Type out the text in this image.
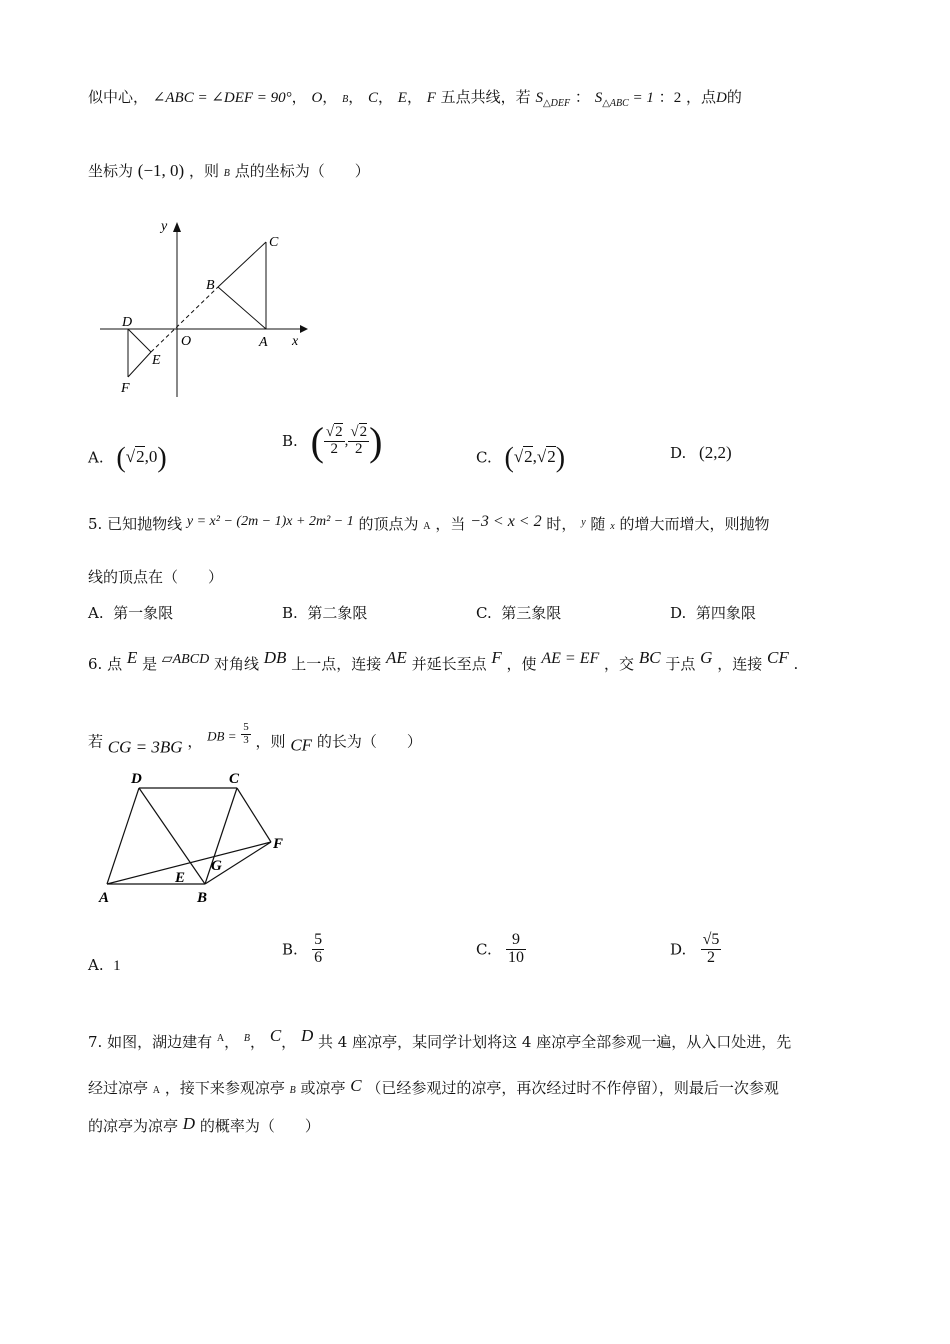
似中心， ∠ABC = ∠DEF = 90°， O， B， C， E， F 五点共线，若 $S_{\triangle DEF}$ ： $S_{\triangle ABC} = 1$ ：2 ，点D的
坐标为 (−1, 0) ，则 B 点的坐标为（　　）
y
x
C
B
D
O	A
E
F
A. (√2,0)
B. ( $\frac{√2}{2}$ , $\frac{√2}{2}$ )	C. (√2,√2)	D. (2,2)
5. 已知抛物线 y = x² − (2m − 1)x + 2m² − 1 的顶点为 A ，当 −3 < x < 2 时， $^y$ 随 x 的增大而增大，则抛物
线的顶点在（　　）
A. 第一象限	B. 第二象限	C. 第三象限	D. 第四象限
6. 点 E 是 ▱ABCD 对角线 DB 上一点，连接 AE 并延长至点 F ，使 AE = EF ，交 BC 于点 G ，连接 CF .
若 CG = 3BG ， DB = $\frac{5}{3}$ ，则 CF 的长为（　　）
D	C
F
G
E
A	B
A. 1
B. $\frac{5}{6}$	C. $\frac{9}{10}$	D. $\frac{√5}{2}$
7. 如图，湖边建有 $^A$， $^B$， C， D 共 4 座凉亭，某同学计划将这 4 座凉亭全部参观一遍，从入口处进，先
经过凉亭 A ，接下来参观凉亭 B 或凉亭 C （已经参观过的凉亭，再次经过时不作停留），则最后一次参观
的凉亭为凉亭 D 的概率为（　　）
